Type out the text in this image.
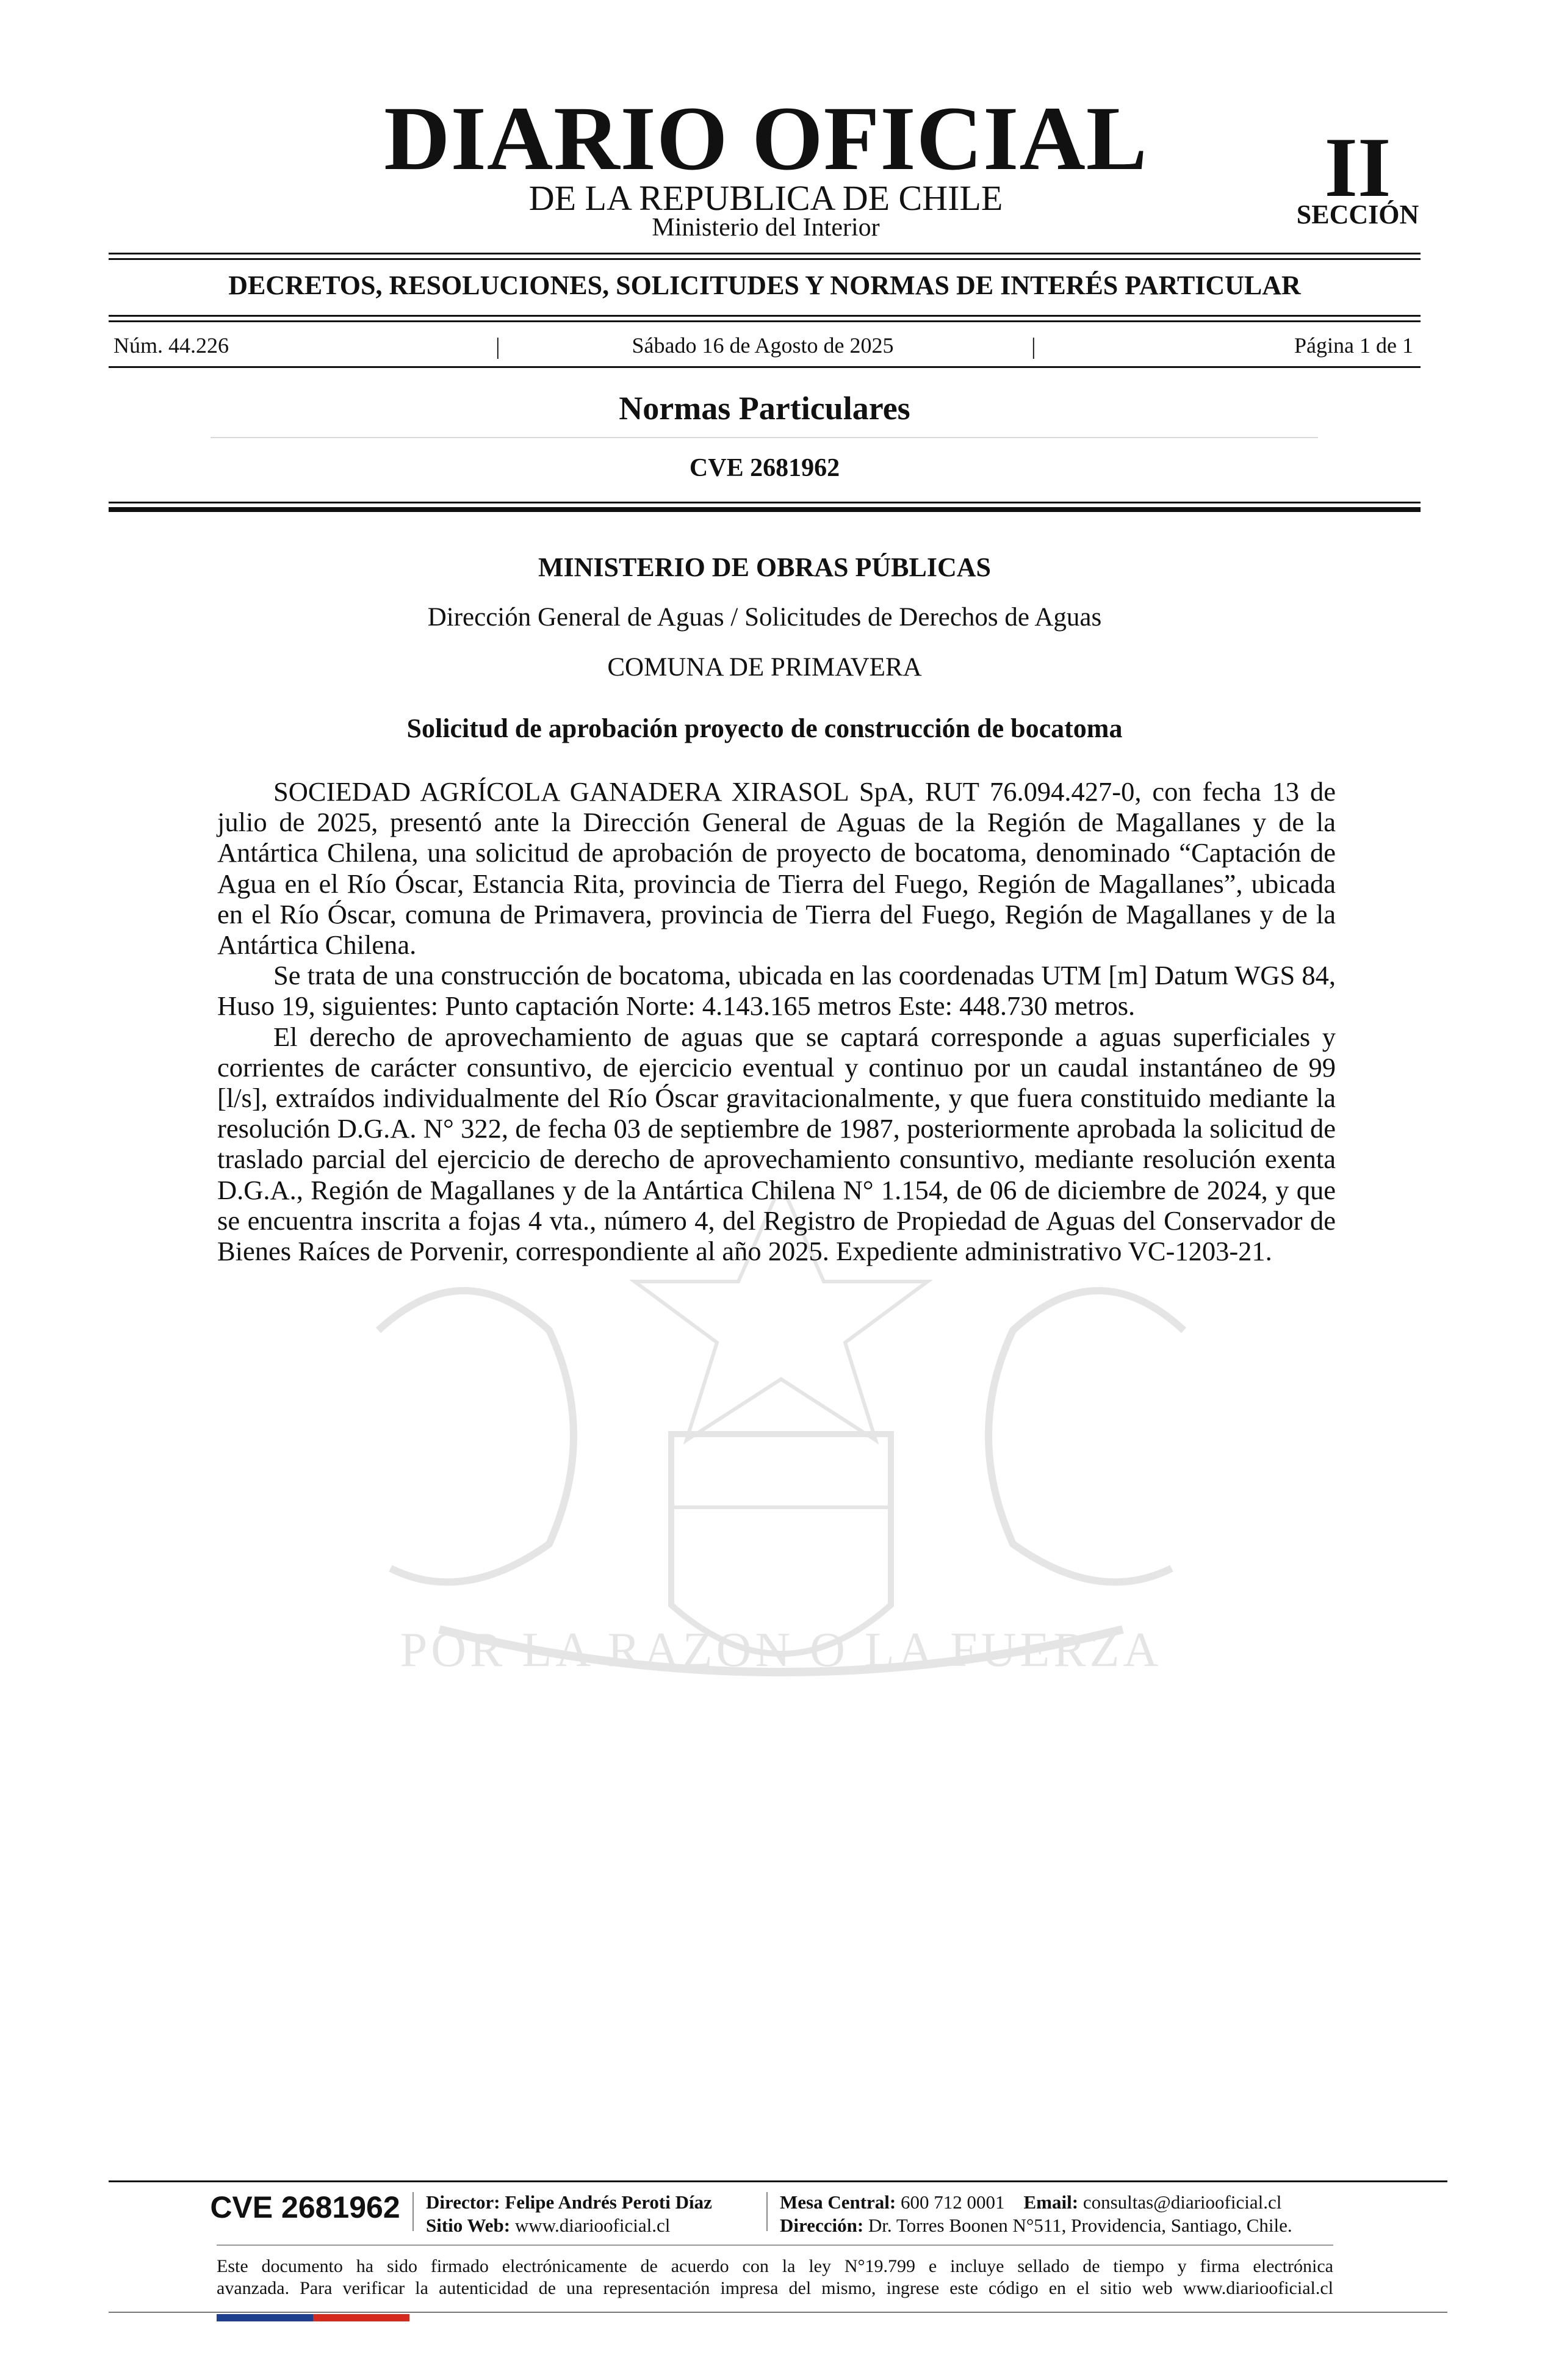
DIARIO OFICIAL
DE LA REPUBLICA DE CHILE
Ministerio del Interior
II
SECCIÓN
DECRETOS, RESOLUCIONES, SOLICITUDES Y NORMAS DE INTERÉS PARTICULAR
Núm. 44.226	|	Sábado 16 de Agosto de 2025	|	Página 1 de 1
Normas Particulares
CVE 2681962
POR LA RAZON O LA FUERZA
MINISTERIO DE OBRAS PÚBLICAS
Dirección General de Aguas / Solicitudes de Derechos de Aguas
COMUNA DE PRIMAVERA
Solicitud de aprobación proyecto de construcción de bocatoma

SOCIEDAD AGRÍCOLA GANADERA XIRASOL SpA, RUT 76.094.427-0, con fecha 13 de julio de 2025, presentó ante la Dirección General de Aguas de la Región de Magallanes y de la Antártica Chilena, una solicitud de aprobación de proyecto de bocatoma, denominado “Captación de Agua en el Río Óscar, Estancia Rita, provincia de Tierra del Fuego, Región de Magallanes”, ubicada en el Río Óscar, comuna de Primavera, provincia de Tierra del Fuego, Región de Magallanes y de la Antártica Chilena.

Se trata de una construcción de bocatoma, ubicada en las coordenadas UTM [m] Datum WGS 84, Huso 19, siguientes: Punto captación Norte: 4.143.165 metros Este: 448.730 metros.

El derecho de aprovechamiento de aguas que se captará corresponde a aguas superficiales y corrientes de carácter consuntivo, de ejercicio eventual y continuo por un caudal instantáneo de 99 [l/s], extraídos individualmente del Río Óscar gravitacionalmente, y que fuera constituido mediante la resolución D.G.A. N° 322, de fecha 03 de septiembre de 1987, posteriormente aprobada la solicitud de traslado parcial del ejercicio de derecho de aprovechamiento consuntivo, mediante resolución exenta D.G.A., Región de Magallanes y de la Antártica Chilena N° 1.154, de 06 de diciembre de 2024, y que se encuentra inscrita a fojas 4 vta., número 4, del Registro de Propiedad de Aguas del Conservador de Bienes Raíces de Porvenir, correspondiente al año 2025. Expediente administrativo VC-1203-21.

CVE 2681962	Director: Felipe Andrés Peroti Díaz
Sitio Web: www.diariooficial.cl
Mesa Central: 600 712 0001 Email: consultas@diariooficial.cl
Dirección: Dr. Torres Boonen N°511, Providencia, Santiago, Chile.
Este documento ha sido firmado electrónicamente de acuerdo con la ley N°19.799 e incluye sellado de tiempo y firma electrónica
avanzada. Para verificar la autenticidad de una representación impresa del mismo, ingrese este código en el sitio web www.diariooficial.cl
